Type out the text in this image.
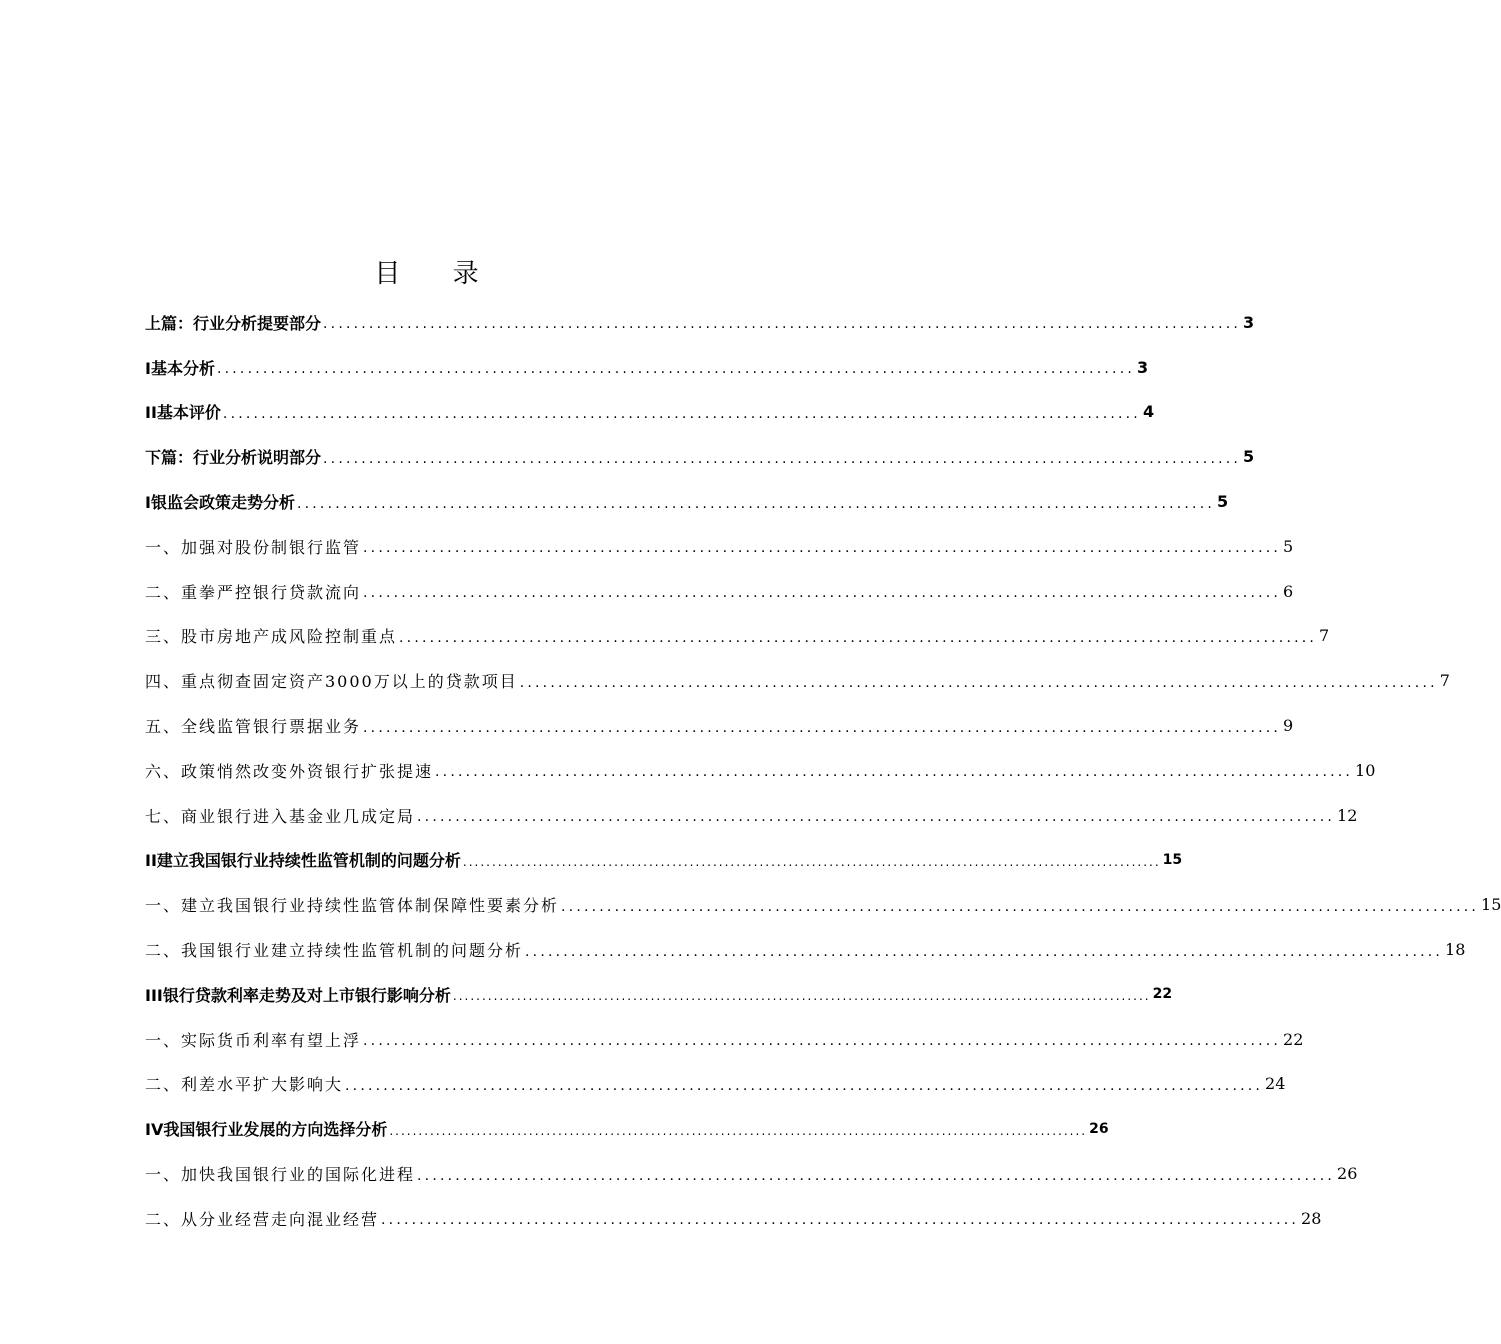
目 录
上篇：行业分析提要部分 ........................................................................................................................ 3
I基本分析 ........................................................................................................................ 3
II基本评价 ........................................................................................................................ 4
下篇：行业分析说明部分 ........................................................................................................................ 5
I银监会政策走势分析 ........................................................................................................................ 5
一、加强对股份制银行监管 ........................................................................................................................ 5
二、重拳严控银行贷款流向 ........................................................................................................................ 6
三、股市房地产成风险控制重点 ........................................................................................................................ 7
四、重点彻查固定资产3000万以上的贷款项目 ........................................................................................................................ 7
五、全线监管银行票据业务 ........................................................................................................................ 9
六、政策悄然改变外资银行扩张提速 ........................................................................................................................ 10
七、商业银行进入基金业几成定局 ........................................................................................................................ 12
II建立我国银行业持续性监管机制的问题分析 ........................................................................................................................ 15
一、建立我国银行业持续性监管体制保障性要素分析 ........................................................................................................................ 15
二、我国银行业建立持续性监管机制的问题分析 ........................................................................................................................ 18
III银行贷款利率走势及对上市银行影响分析 ........................................................................................................................ 22
一、实际货币利率有望上浮 ........................................................................................................................ 22
二、利差水平扩大影响大 ........................................................................................................................ 24
IV我国银行业发展的方向选择分析 ........................................................................................................................ 26
一、加快我国银行业的国际化进程 ........................................................................................................................ 26
二、从分业经营走向混业经营 ........................................................................................................................ 28
